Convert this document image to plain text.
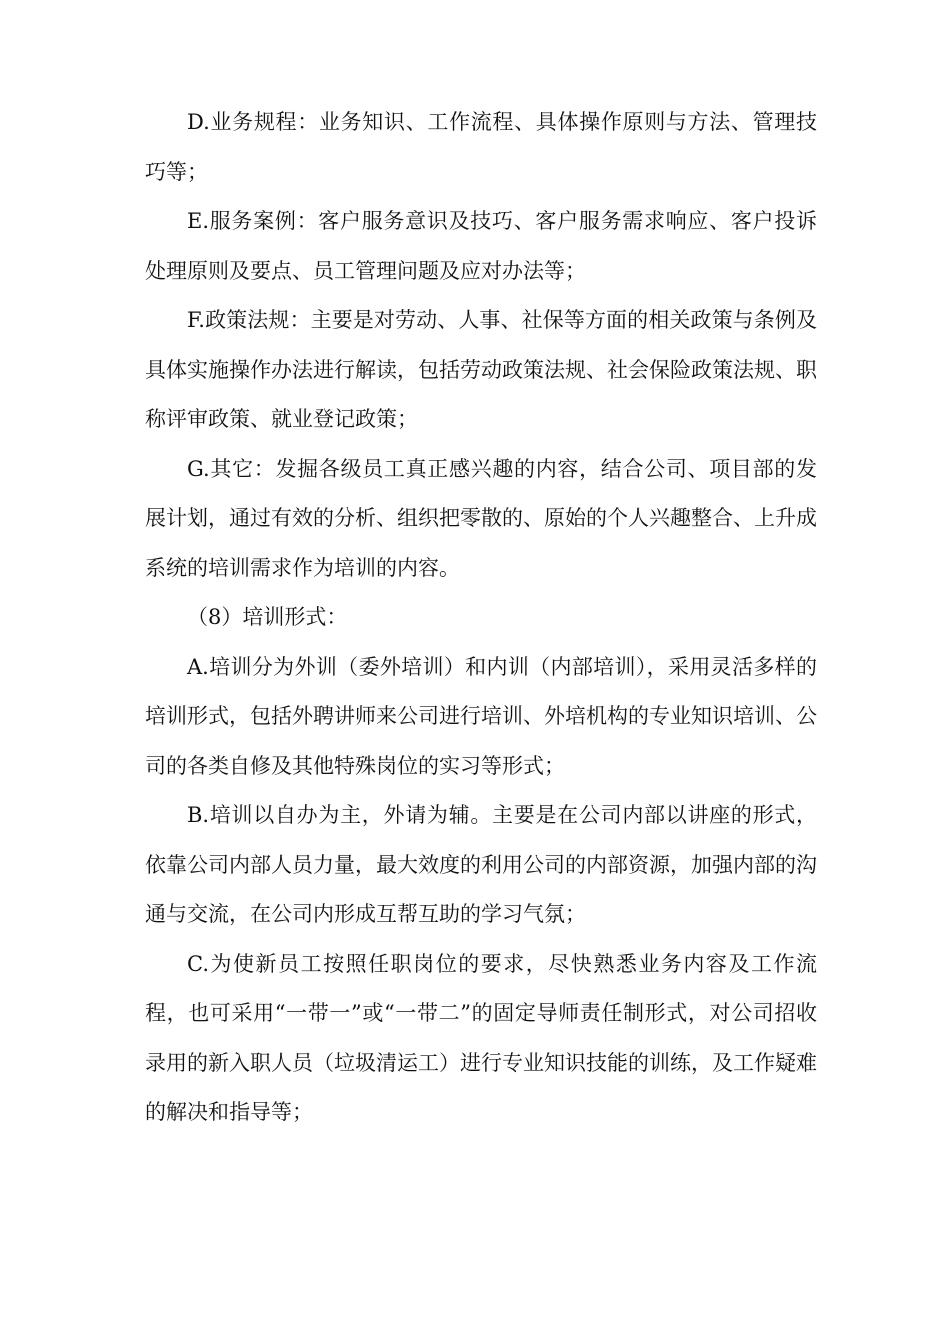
D.业务规程：业务知识、工作流程、具体操作原则与方法、管理技巧等；

E.服务案例：客户服务意识及技巧、客户服务需求响应、客户投诉处理原则及要点、员工管理问题及应对办法等；

F.政策法规：主要是对劳动、人事、社保等方面的相关政策与条例及具体实施操作办法进行解读，包括劳动政策法规、社会保险政策法规、职称评审政策、就业登记政策；

G.其它：发掘各级员工真正感兴趣的内容，结合公司、项目部的发展计划，通过有效的分析、组织把零散的、原始的个人兴趣整合、上升成系统的培训需求作为培训的内容。

（8）培训形式：

A.培训分为外训（委外培训）和内训（内部培训），采用灵活多样的培训形式，包括外聘讲师来公司进行培训、外培机构的专业知识培训、公司的各类自修及其他特殊岗位的实习等形式；

B.培训以自办为主，外请为辅。主要是在公司内部以讲座的形式，依靠公司内部人员力量，最大效度的利用公司的内部资源，加强内部的沟通与交流，在公司内形成互帮互助的学习气氛；

C.为使新员工按照任职岗位的要求，尽快熟悉业务内容及工作流程，也可采用“一带一”或“一带二”的固定导师责任制形式，对公司招收录用的新入职人员（垃圾清运工）进行专业知识技能的训练，及工作疑难的解决和指导等；
